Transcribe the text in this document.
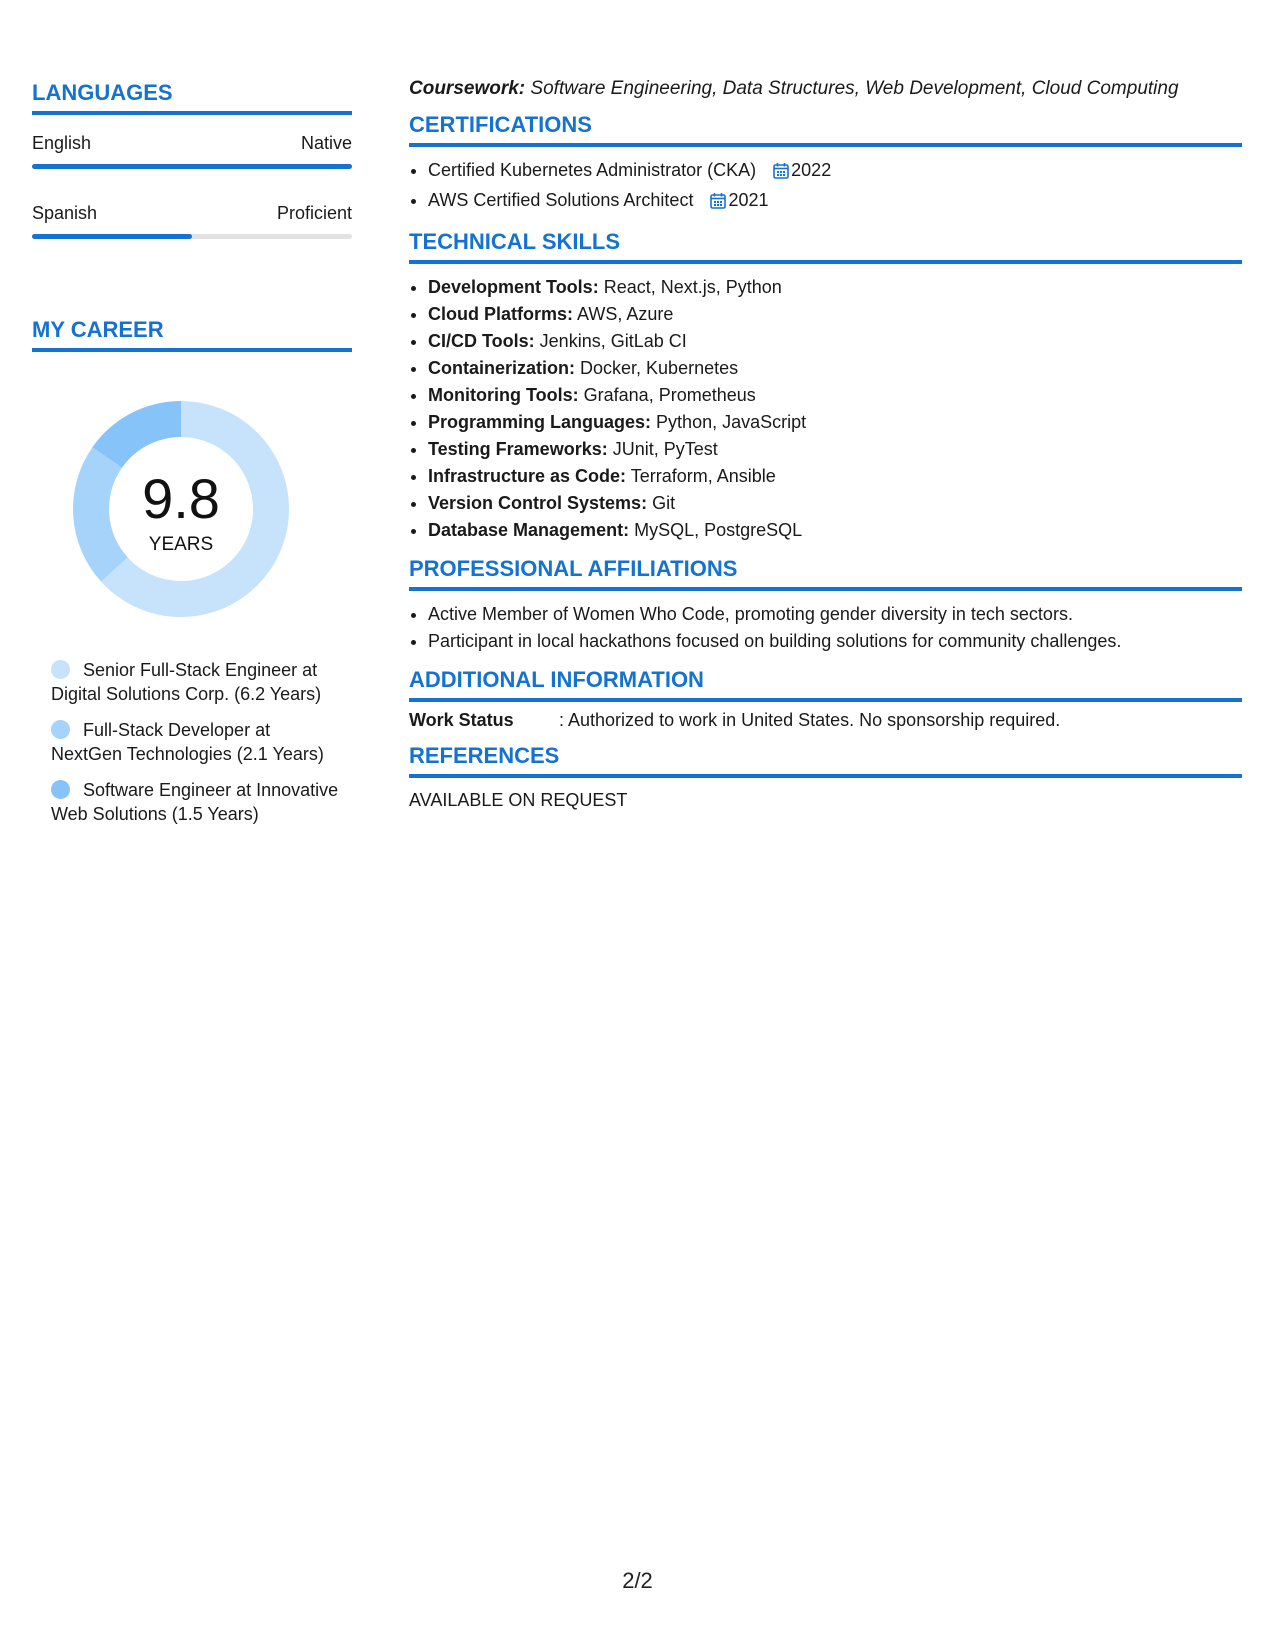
LANGUAGES
English	Native
Spanish	Proficient
MY CAREER
9.8
YEARS
Senior Full-Stack Engineer at Digital Solutions Corp. (6.2 Years)
Full-Stack Developer at NextGen Technologies (2.1 Years)
Software Engineer at Innovative Web Solutions (1.5 Years)

Coursework: Software Engineering, Data Structures, Web Development, Cloud Computing

CERTIFICATIONS
• Certified Kubernetes Administrator (CKA) 2022
• AWS Certified Solutions Architect 2021
TECHNICAL SKILLS
• Development Tools: React, Next.js, Python
• Cloud Platforms: AWS, Azure
• CI/CD Tools: Jenkins, GitLab CI
• Containerization: Docker, Kubernetes
• Monitoring Tools: Grafana, Prometheus
• Programming Languages: Python, JavaScript
• Testing Frameworks: JUnit, PyTest
• Infrastructure as Code: Terraform, Ansible
• Version Control Systems: Git
• Database Management: MySQL, PostgreSQL
PROFESSIONAL AFFILIATIONS
• Active Member of Women Who Code, promoting gender diversity in tech sectors.
• Participant in local hackathons focused on building solutions for community challenges.
ADDITIONAL INFORMATION
Work Status	: Authorized to work in United States. No sponsorship required.
REFERENCES
AVAILABLE ON REQUEST
2/2
